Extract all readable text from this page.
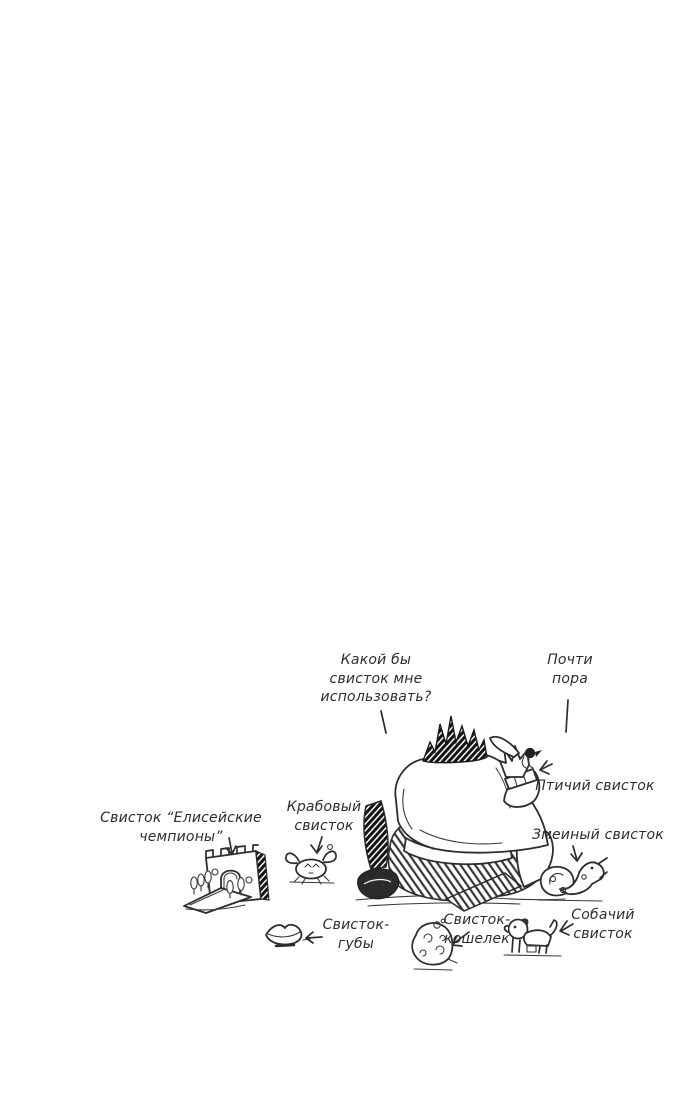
Какой бы
свисток мне
использовать?
Почти
пора
Птичий свисток
Змеиный свисток
Свисток “Елисейские
чемпионы”
Крабовый
свисток
Свисток-
губы
Свисток-
кошелек
Собачий
свисток
